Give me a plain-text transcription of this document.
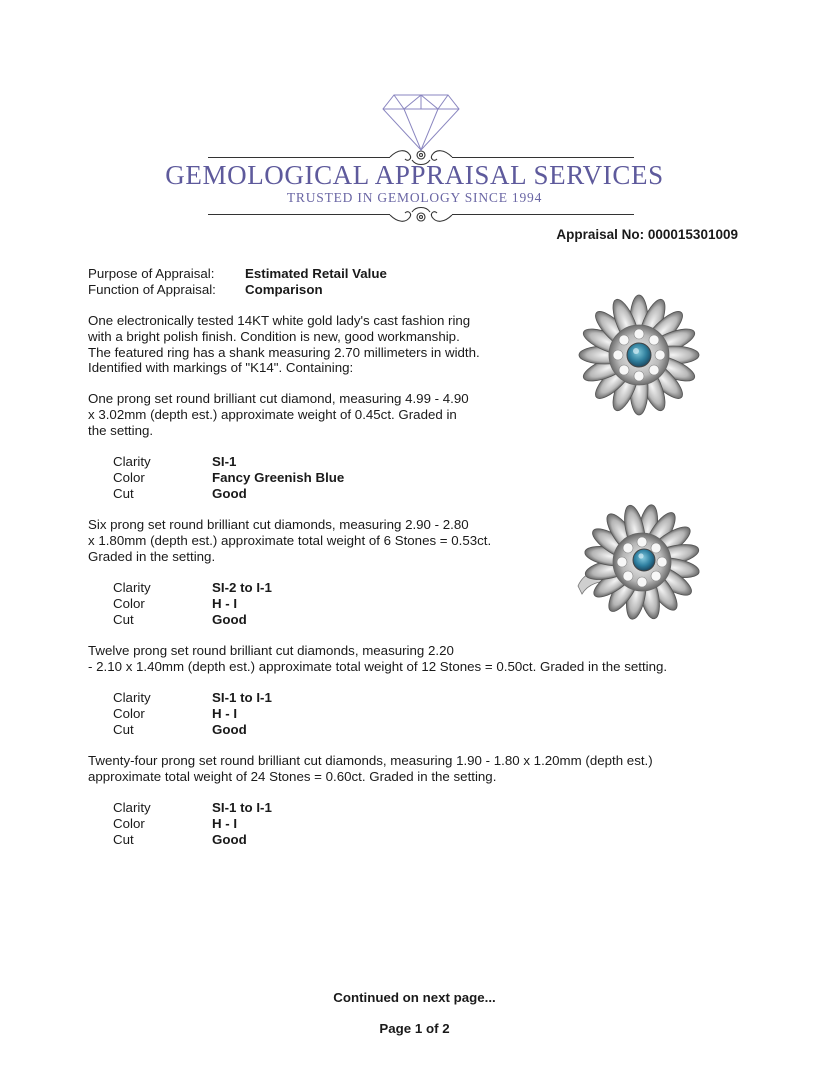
GEMOLOGICAL APPRAISAL SERVICES
TRUSTED IN GEMOLOGY SINCE 1994
Appraisal No: 000015301009
Purpose of Appraisal: Estimated Retail Value
Function of Appraisal: Comparison
One electronically tested 14KT white gold lady's cast fashion ring
with a bright polish finish. Condition is new, good workmanship.
The featured ring has a shank measuring 2.70 millimeters in width.
Identified with markings of "K14". Containing:
One prong set round brilliant cut diamond, measuring 4.99 - 4.90
x 3.02mm (depth est.) approximate weight of 0.45ct. Graded in
the setting.
Clarity	SI-1
Color	Fancy Greenish Blue
Cut	Good
Six prong set round brilliant cut diamonds, measuring 2.90 - 2.80
x 1.80mm (depth est.) approximate total weight of 6 Stones = 0.53ct.
Graded in the setting.
Clarity	SI-2 to I-1
Color	H - I
Cut	Good
Twelve prong set round brilliant cut diamonds, measuring 2.20
- 2.10 x 1.40mm (depth est.) approximate total weight of 12 Stones = 0.50ct. Graded in the setting.
Clarity	SI-1 to I-1
Color	H - I
Cut	Good
Twenty-four prong set round brilliant cut diamonds, measuring 1.90 - 1.80 x 1.20mm (depth est.)
approximate total weight of 24 Stones = 0.60ct. Graded in the setting.
Clarity	SI-1 to I-1
Color	H - I
Cut	Good
Continued on next page...
Page 1 of 2
